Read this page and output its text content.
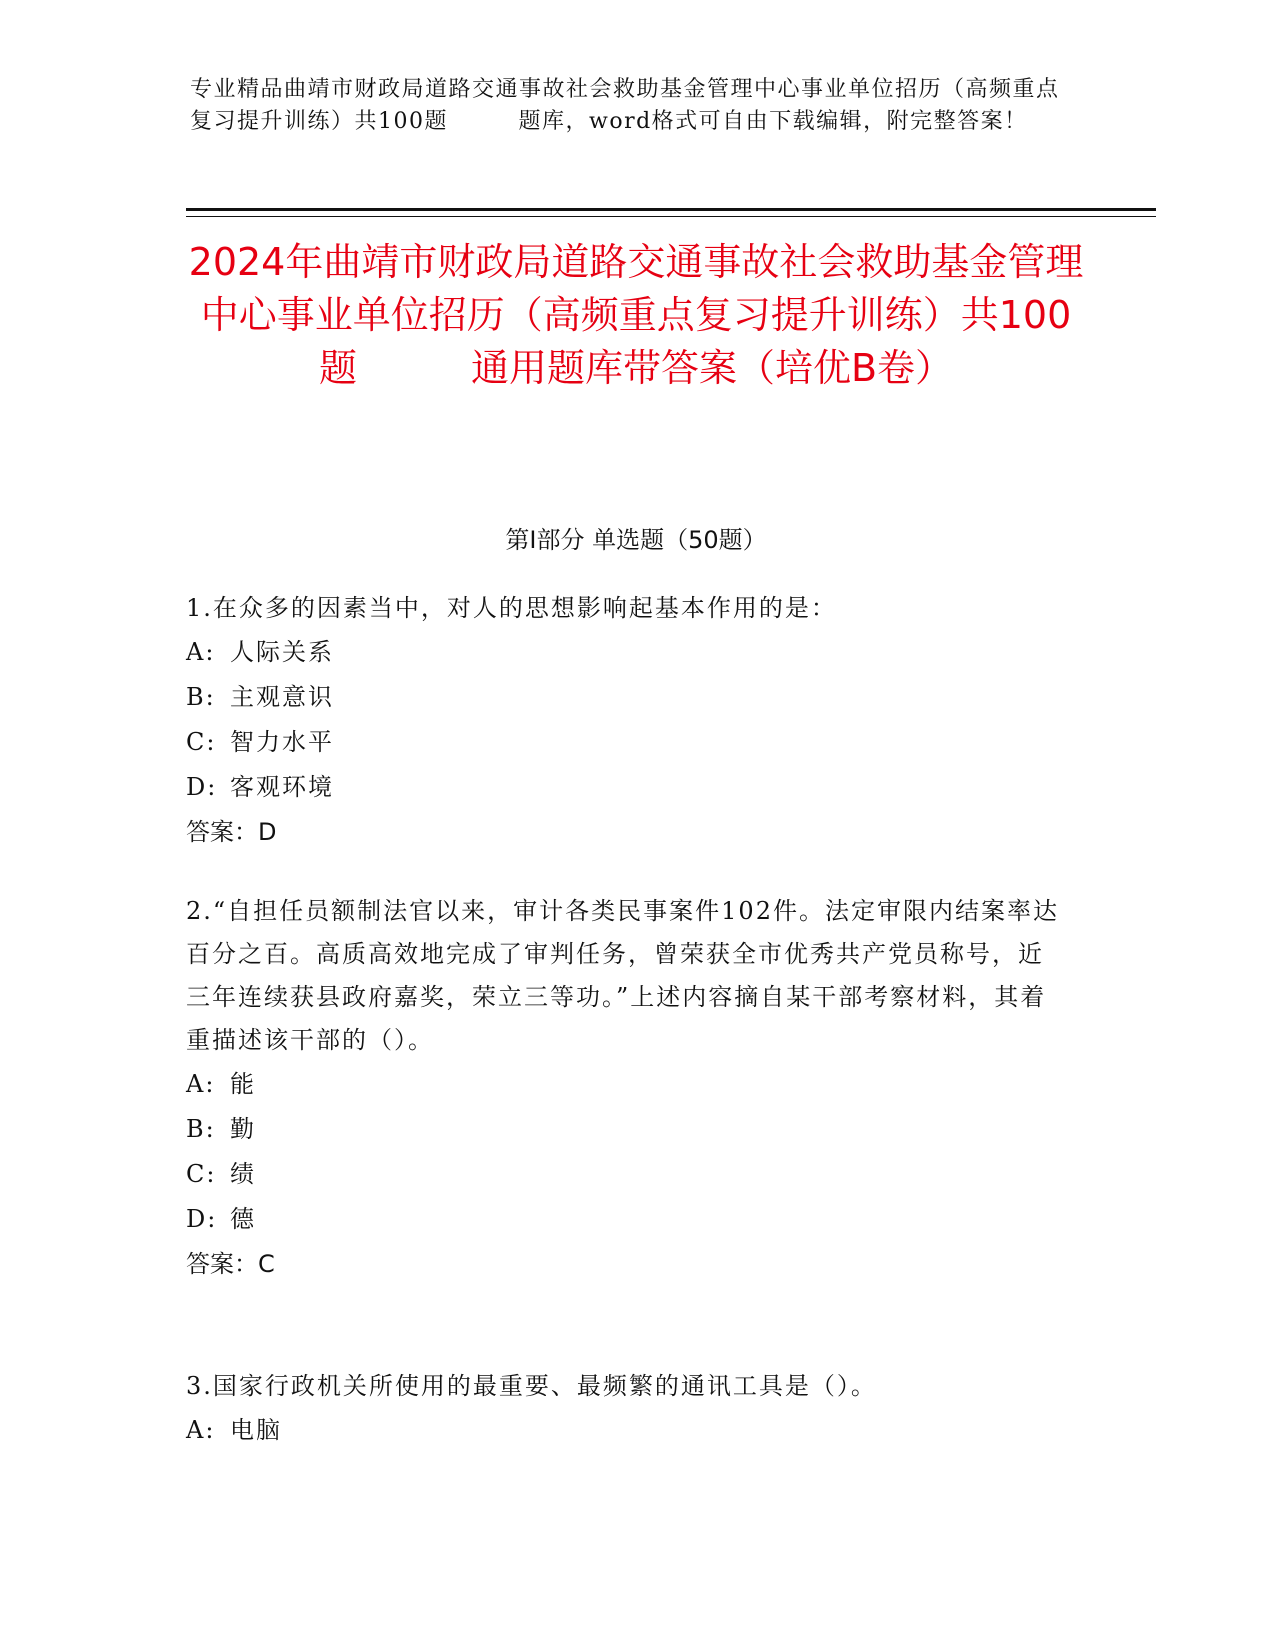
专业精品曲靖市财政局道路交通事故社会救助基金管理中心事业单位招历（高频重点复习提升训练）共100题　　　题库，word格式可自由下载编辑，附完整答案！

2024年曲靖市财政局道路交通事故社会救助基金管理中心事业单位招历（高频重点复习提升训练）共100题　　　通用题库带答案（培优B卷）
第Ⅰ部分 单选题（50题）

1.在众多的因素当中，对人的思想影响起基本作用的是：

A: 人际关系

B: 主观意识

C: 智力水平

D: 客观环境

答案：D

2.“自担任员额制法官以来，审计各类民事案件102件。法定审限内结案率达百分之百。高质高效地完成了审判任务，曾荣获全市优秀共产党员称号，近三年连续获县政府嘉奖，荣立三等功。”上述内容摘自某干部考察材料，其着重描述该干部的（）。

A: 能

B: 勤

C: 绩

D: 德

答案：C

3.国家行政机关所使用的最重要、最频繁的通讯工具是（）。

A: 电脑
